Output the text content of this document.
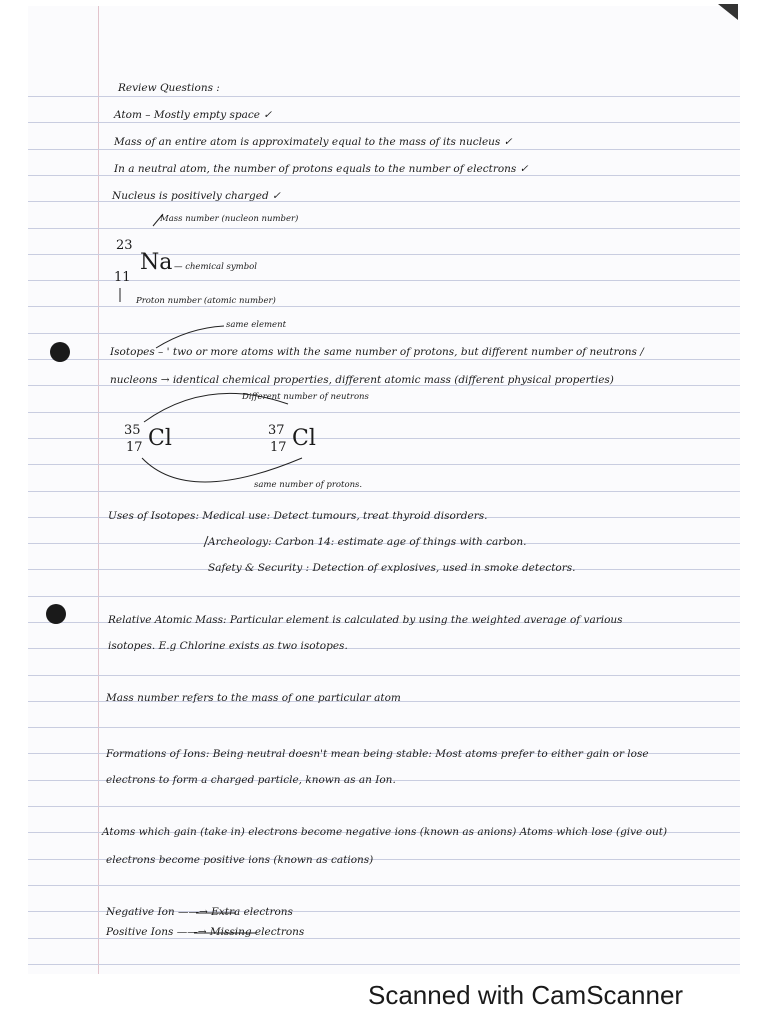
Review Questions :
Atom – Mostly empty space ✓
Mass of an entire atom is approximately equal to the mass of its nucleus ✓
In a neutral atom, the number of protons equals to the number of electrons ✓
Nucleus is positively charged ✓
Mass number (nucleon number)
23
Na — chemical symbol
11
Proton number (atomic number)
same element
Isotopes – ' two or more atoms with the same number of protons, but different number of neutrons /
nucleons → identical chemical properties, different atomic mass (different physical properties)
Different number of neutrons
35
17 Cl	37
17 Cl
same number of protons.
Uses of Isotopes: Medical use: Detect tumours, treat thyroid disorders.
Archeology: Carbon 14: estimate age of things with carbon.
Safety & Security : Detection of explosives, used in smoke detectors.
Relative Atomic Mass: Particular element is calculated by using the weighted average of various
isotopes. E.g Chlorine exists as two isotopes.
Mass number refers to the mass of one particular atom
Formations of Ions: Being neutral doesn't mean being stable: Most atoms prefer to either gain or lose
electrons to form a charged particle, known as an Ion.
Atoms which gain (take in) electrons become negative ions (known as anions) Atoms which lose (give out)
electrons become positive ions (known as cations)
Negative Ion ——→ Extra electrons
Positive Ions ——→ Missing electrons
Scanned with CamScanner
